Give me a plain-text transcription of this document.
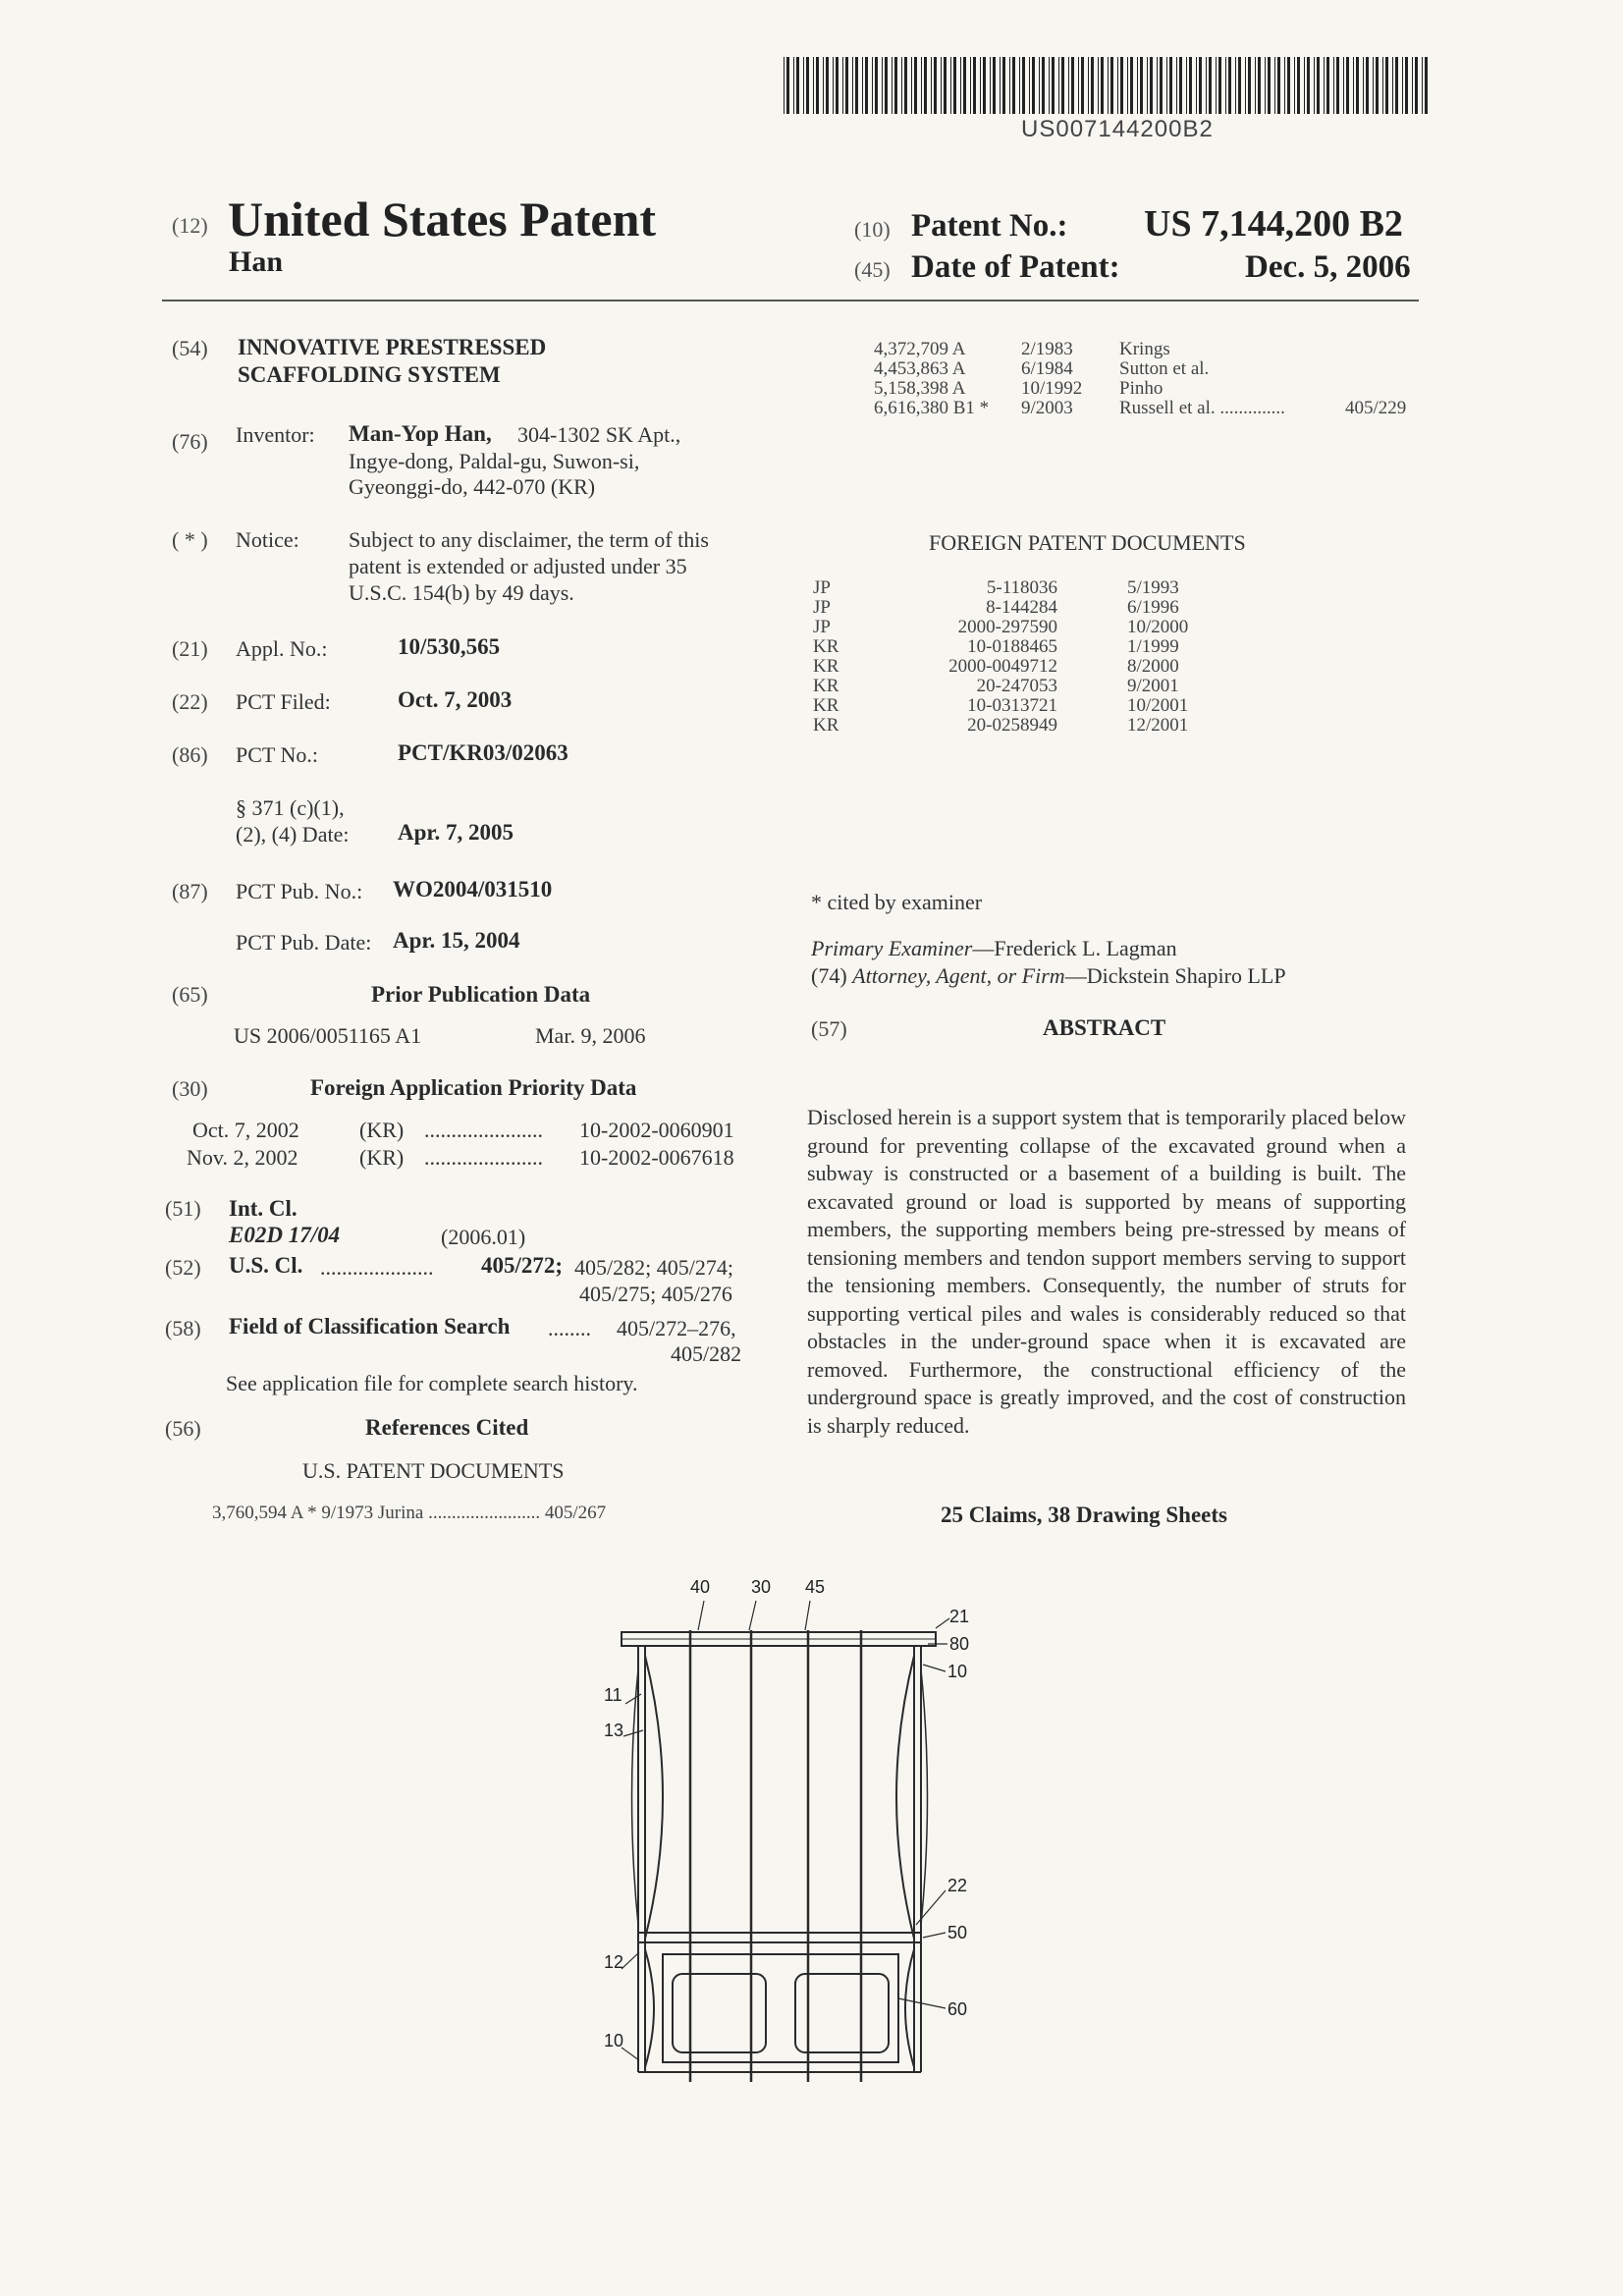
US007144200B2
(12) United States Patent
Han
(10) Patent No.: US 7,144,200 B2
(45) Date of Patent:	Dec. 5, 2006
(54) INNOVATIVE PRESTRESSED
SCAFFOLDING SYSTEM
(76) Inventor: Man-Yop Han, 304-1302 SK Apt.,
Ingye-dong, Paldal-gu, Suwon-si,
Gyeonggi-do, 442-070 (KR)
( * ) Notice: Subject to any disclaimer, the term of this
patent is extended or adjusted under 35
U.S.C. 154(b) by 49 days.
(21) Appl. No.:	10/530,565
(22) PCT Filed:	Oct. 7, 2003
(86) PCT No.:	PCT/KR03/02063
§ 371 (c)(1),
(2), (4) Date: Apr. 7, 2005
(87) PCT Pub. No.: WO2004/031510
PCT Pub. Date: Apr. 15, 2004
(65)	Prior Publication Data
US 2006/0051165 A1	Mar. 9, 2006
(30)	Foreign Application Priority Data
Oct. 7, 2002	(KR) ...................... 10-2002-0060901
Nov. 2, 2002	(KR) ...................... 10-2002-0067618
(51) Int. Cl.
E02D 17/04	(2006.01)
(52) U.S. Cl. ..................... 405/272; 405/282; 405/274;
405/275; 405/276
(58) Field of Classification Search ........ 405/272–276,
405/282
See application file for complete search history.
(56)	References Cited
U.S. PATENT DOCUMENTS
3,760,594 A * 9/1973 Jurina ........................ 405/267
4,372,709 A	2/1983 Krings
4,453,863 A	6/1984 Sutton et al.
5,158,398 A	10/1992 Pinho
6,616,380 B1 * 9/2003 Russell et al. ..............	405/229
FOREIGN PATENT DOCUMENTS
JP	5-118036	5/1993
JP	8-144284	6/1996
JP	2000-297590	10/2000
KR	10-0188465	1/1999
KR	2000-0049712	8/2000
KR	20-247053	9/2001
KR	10-0313721	10/2001
KR	20-0258949	12/2001
* cited by examiner
Primary Examiner—Frederick L. Lagman
(74) Attorney, Agent, or Firm—Dickstein Shapiro LLP
(57)	ABSTRACT
Disclosed herein is a support system that is temporarily placed below ground for preventing collapse of the excavated ground when a subway is constructed or a basement of a building is built. The excavated ground or load is supported by means of supporting members, the supporting members being pre-stressed by means of tensioning members and tendon support members serving to support the tensioning members. Consequently, the number of struts for supporting vertical piles and wales is considerably reduced so that obstacles in the under-ground space when it is excavated are removed. Furthermore, the constructional efficiency of the underground space is greatly improved, and the cost of construction is sharply reduced.
25 Claims, 38 Drawing Sheets
40 30 45
21
80
10
11
13
22
50
12
60
10
